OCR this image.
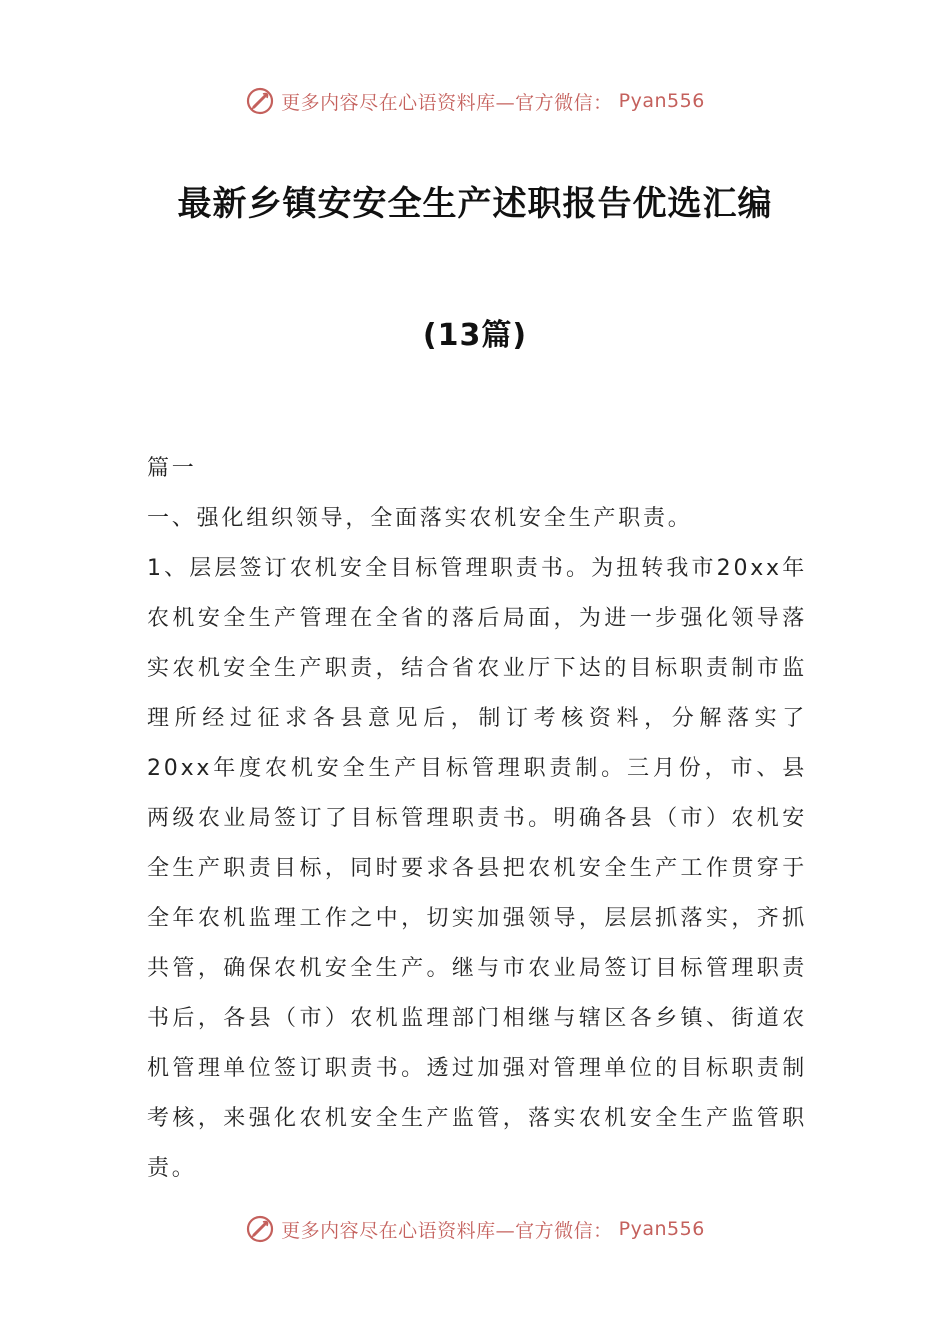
更多内容尽在心语资料库—官方微信： Pyan556
最新乡镇安安全生产述职报告优选汇编
(13篇)

篇一

一、强化组织领导，全面落实农机安全生产职责。

1、层层签订农机安全目标管理职责书。为扭转我市20xx年农机安全生产管理在全省的落后局面，为进一步强化领导落实农机安全生产职责，结合省农业厅下达的目标职责制市监理所经过征求各县意见后，制订考核资料，分解落实了20xx年度农机安全生产目标管理职责制。三月份，市、县两级农业局签订了目标管理职责书。明确各县（市）农机安全生产职责目标，同时要求各县把农机安全生产工作贯穿于全年农机监理工作之中，切实加强领导，层层抓落实，齐抓共管，确保农机安全生产。继与市农业局签订目标管理职责书后，各县（市）农机监理部门相继与辖区各乡镇、街道农机管理单位签订职责书。透过加强对管理单位的目标职责制考核，来强化农机安全生产监管，落实农机安全生产监管职责。

更多内容尽在心语资料库—官方微信： Pyan556
